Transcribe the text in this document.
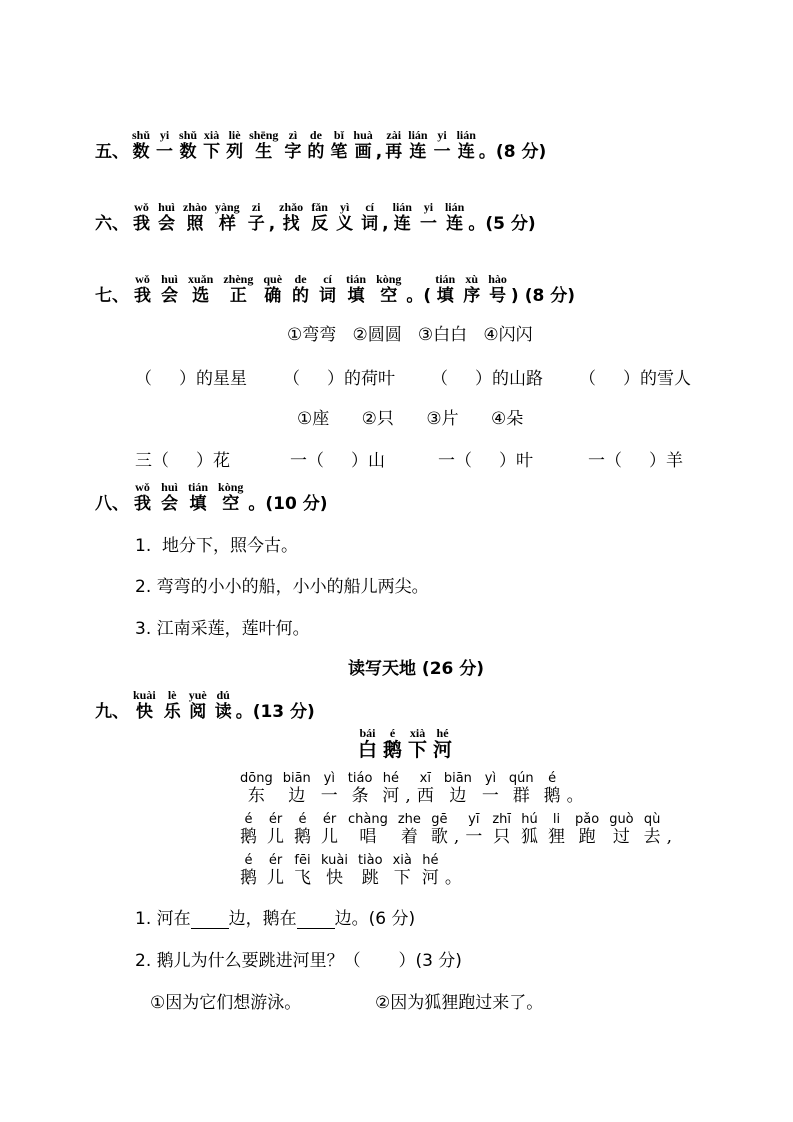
五、
shǔ
数
yi
一
shǔ
数
xià
下
liè
列
shēng
生
zì
字
de
的
bǐ
笔
huà
画 ,
zài
再
lián
连
yi
一
lián
连 。 (8 分)
六、
wǒ
我
huì
会
zhào
照
yàng
样
zi
子 ,
zhǎo
找
fǎn
反
yì
义
cí
词 ,
lián
连
yi
一
lián
连 。 (5 分)
七、
wǒ
我
huì
会
xuǎn
选
zhèng
正
què
确
de
的
cí
词
tián
填
kòng
空 。(
tián
填
xù
序
hào
号 ) (8 分)
①弯弯   ②圆圆   ③白白   ④闪闪
（     ）的星星 （     ）的荷叶 （     ）的山路 （     ）的雪人
①座      ②只      ③片      ④朵
三（     ）花	一（     ）山	一（     ）叶	一（     ）羊
八、
wǒ
我
huì
会
tián
填
kòng
空 。 (10 分)
1.  地分下，照今古。
2. 弯弯的小小的船，小小的船儿两尖。
3. 江南采莲，莲叶何。
读写天地 (26 分)
九、
kuài
快
lè
乐
yuè
阅
dú
读 。 (13 分)
bái
白
é
鹅
xià
下
hé
河
dōng
东
biān
边
yì
一
tiáo
条
hé
河 ,
xī
西
biān
边
yì
一
qún
群
é
鹅 。
é
鹅
ér
儿
é
鹅
ér
儿
chàng
唱
zhe
着
gē
歌 ,
yī
一
zhī
只
hú
狐
li
狸
pǎo
跑
guò
过
qù
去 ,
é
鹅
ér
儿
fēi
飞
kuài
快
tiào
跳
xià
下
hé
河 。
1. 河在 边，鹅在 边。(6 分)
2. 鹅儿为什么要跳进河里？（       ）(3 分)
①因为它们想游泳。	②因为狐狸跑过来了。
